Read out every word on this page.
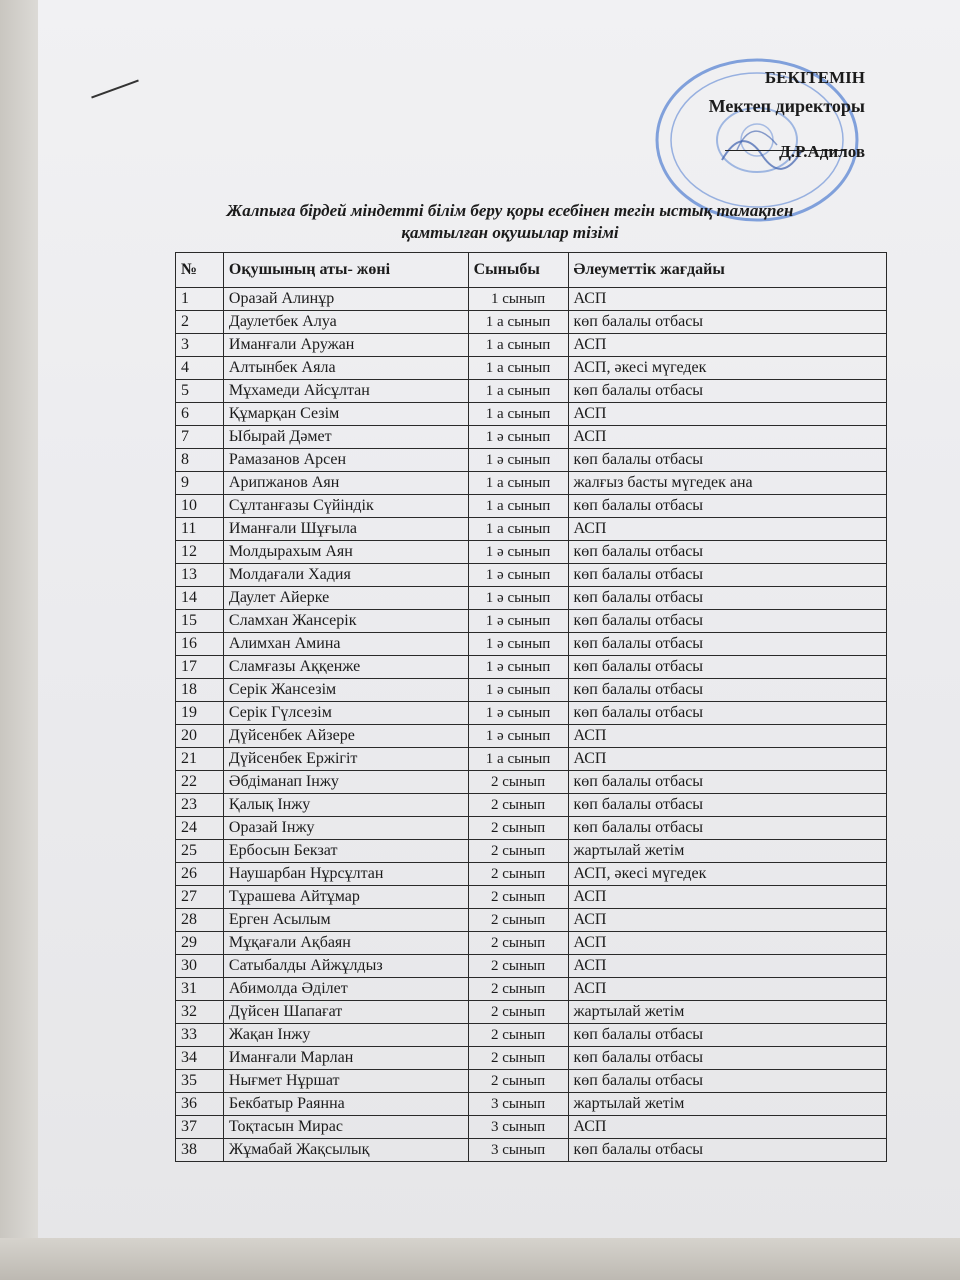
БЕКІТЕМІН
Мектеп директоры
Д.Р.Адилов
Жалпыға бірдей міндетті білім беру қоры есебінен тегін ыстық тамақпен
қамтылған оқушылар тізімі
№	Оқушының аты- жөні	Сыныбы	Әлеуметтік жағдайы
1	Оразай Алинұр	1 сынып	АСП
2	Даулетбек Алуа	1 а сынып	көп балалы отбасы
3	Иманғали Аружан	1 а сынып	АСП
4	Алтынбек Аяла	1 а сынып	АСП, әкесі мүгедек
5	Мұхамеди Айсұлтан	1 а сынып	көп балалы отбасы
6	Құмарқан Сезім	1 а сынып	АСП
7	Ыбырай Дәмет	1 ә сынып	АСП
8	Рамазанов Арсен	1 ә сынып	көп балалы отбасы
9	Арипжанов Аян	1 а сынып	жалғыз басты мүгедек ана
10	Сұлтанғазы Сүйіндік	1 а сынып	көп балалы отбасы
11	Иманғали Шұғыла	1 а сынып	АСП
12	Молдырахым Аян	1 ә сынып	көп балалы отбасы
13	Молдағали Хадия	1 ә сынып	көп балалы отбасы
14	Даулет Айерке	1 ә сынып	көп балалы отбасы
15	Сламхан Жансерік	1 ә сынып	көп балалы отбасы
16	Алимхан Амина	1 ә сынып	көп балалы отбасы
17	Сламғазы Аққенже	1 ә сынып	көп балалы отбасы
18	Серік Жансезім	1 ә сынып	көп балалы отбасы
19	Серік Гүлсезім	1 ә сынып	көп балалы отбасы
20	Дүйсенбек Айзере	1 ә сынып	АСП
21	Дүйсенбек Ержігіт	1 а сынып	АСП
22	Әбдіманап Інжу	2 сынып	көп балалы отбасы
23	Қалық Інжу	2 сынып	көп балалы отбасы
24	Оразай Інжу	2 сынып	көп балалы отбасы
25	Ербосын Бекзат	2 сынып	жартылай жетім
26	Наушарбан Нұрсұлтан	2 сынып	АСП, әкесі мүгедек
27	Тұрашева Айтұмар	2 сынып	АСП
28	Ерген Асылым	2 сынып	АСП
29	Мұқағали Ақбаян	2 сынып	АСП
30	Сатыбалды Айжұлдыз	2 сынып	АСП
31	Абимолда Әділет	2 сынып	АСП
32	Дүйсен Шапағат	2 сынып	жартылай жетім
33	Жақан Інжу	2 сынып	көп балалы отбасы
34	Иманғали Марлан	2 сынып	көп балалы отбасы
35	Нығмет Нұршат	2 сынып	көп балалы отбасы
36	Бекбатыр Раянна	3 сынып	жартылай жетім
37	Тоқтасын Мирас	3 сынып	АСП
38	Жұмабай Жақсылық	3 сынып	көп балалы отбасы
